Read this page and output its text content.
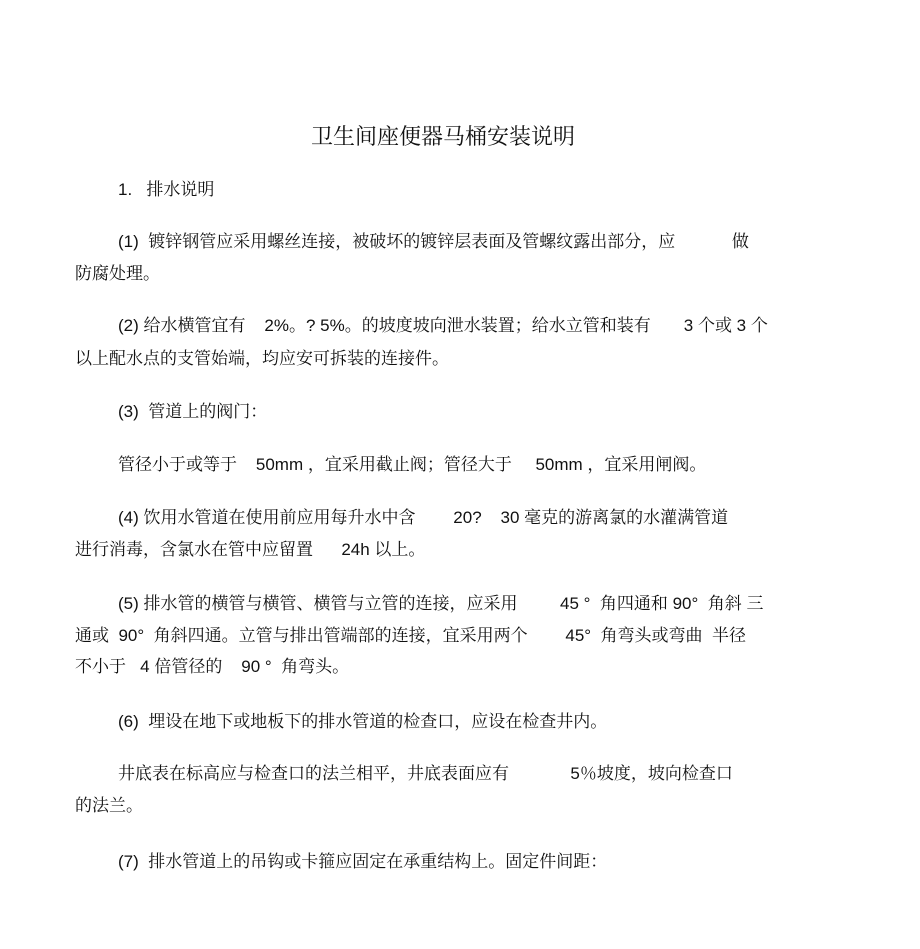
卫生间座便器马桶安装说明
1.   排水说明
(1)  镀锌钢管应采用螺丝连接，被破坏的镀锌层表面及管螺纹露出部分，应            做
防腐处理。
(2) 给水横管宜有    2%。? 5%。的坡度坡向泄水装置；给水立管和装有       3 个或 3 个
以上配水点的支管始端，均应安可拆装的连接件。
(3)  管道上的阀门：
管径小于或等于    50mm ，宜采用截止阀；管径大于     50mm ，宜采用闸阀。
(4) 饮用水管道在使用前应用每升水中含        20?    30 毫克的游离氯的水灌满管道
进行消毒，含氯水在管中应留置      24h 以上。
(5) 排水管的横管与横管、横管与立管的连接，应采用         45 °  角四通和 90°  角斜 三
通或  90°  角斜四通。立管与排出管端部的连接，宜采用两个        45°  角弯头或弯曲  半径
不小于   4 倍管径的    90 °  角弯头。
(6)  埋设在地下或地板下的排水管道的检查口，应设在检查井内。
井底表在标高应与检查口的法兰相平，井底表面应有             5％坡度，坡向检查口
的法兰。
(7)  排水管道上的吊钩或卡箍应固定在承重结构上。固定件间距：
